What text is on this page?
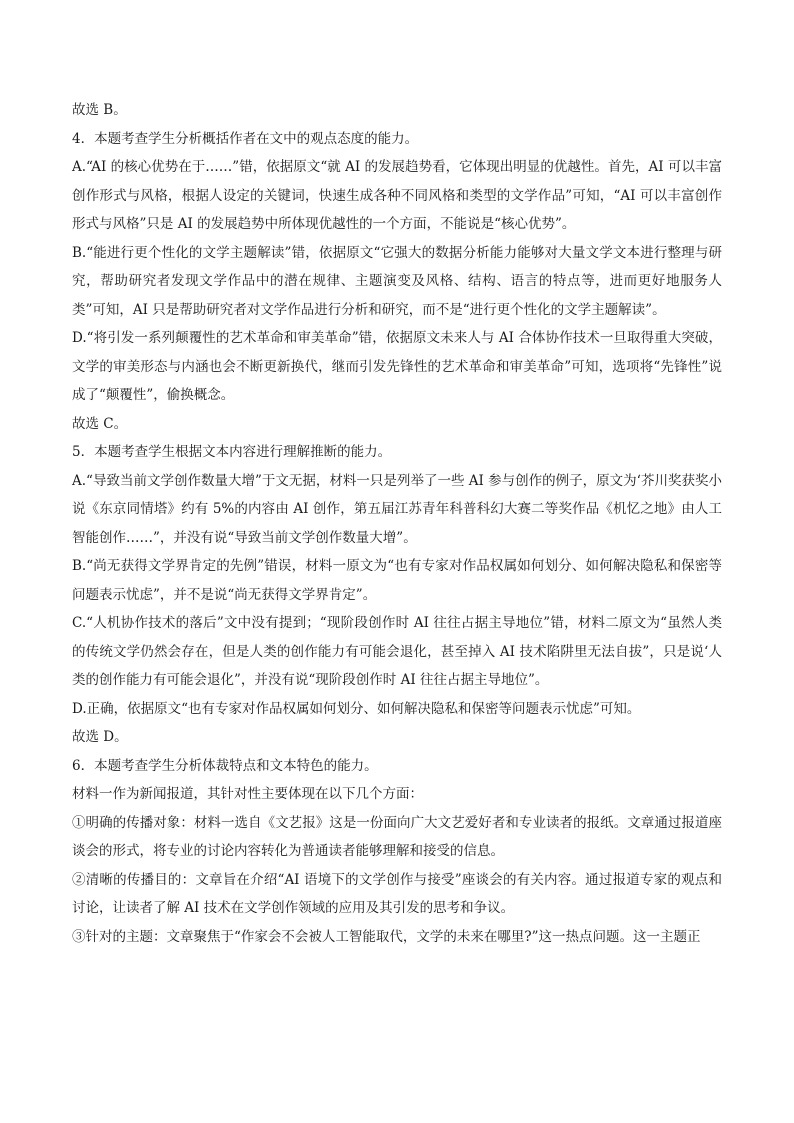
故选 B。

4．本题考查学生分析概括作者在文中的观点态度的能力。

A.“AI 的核心优势在于……”错，依据原文“就 AI 的发展趋势看，它体现出明显的优越性。首先，AI 可以丰富创作形式与风格，根据人设定的关键词，快速生成各种不同风格和类型的文学作品”可知，“AI 可以丰富创作形式与风格”只是 AI 的发展趋势中所体现优越性的一个方面，不能说是“核心优势”。

B.“能进行更个性化的文学主题解读”错，依据原文“它强大的数据分析能力能够对大量文学文本进行整理与研究，帮助研究者发现文学作品中的潜在规律、主题演变及风格、结构、语言的特点等，进而更好地服务人类”可知，AI 只是帮助研究者对文学作品进行分析和研究，而不是“进行更个性化的文学主题解读”。

D.“将引发一系列颠覆性的艺术革命和审美革命”错，依据原文未来人与 AI 合体协作技术一旦取得重大突破，文学的审美形态与内涵也会不断更新换代，继而引发先锋性的艺术革命和审美革命”可知，选项将“先锋性”说成了“颠覆性”，偷换概念。

故选 C。

5．本题考查学生根据文本内容进行理解推断的能力。

A.“导致当前文学创作数量大增”于文无据，材料一只是列举了一些 AI 参与创作的例子，原文为‘芥川奖获奖小说《东京同情塔》约有 5%的内容由 AI 创作，第五届江苏青年科普科幻大赛二等奖作品《机忆之地》由人工智能创作……”，并没有说“导致当前文学创作数量大增”。

B.“尚无获得文学界肯定的先例”错误，材料一原文为“也有专家对作品权属如何划分、如何解决隐私和保密等问题表示忧虑”，并不是说“尚无获得文学界肯定”。

C.“人机协作技术的落后”文中没有提到；“现阶段创作时 AI 往往占据主导地位”错，材料二原文为“虽然人类的传统文学仍然会存在，但是人类的创作能力有可能会退化，甚至掉入 AI 技术陷阱里无法自拔”，只是说‘人类的创作能力有可能会退化”，并没有说“现阶段创作时 AI 往往占据主导地位”。

D.正确，依据原文“也有专家对作品权属如何划分、如何解决隐私和保密等问题表示忧虑”可知。

故选 D。

6．本题考查学生分析体裁特点和文本特色的能力。

材料一作为新闻报道，其针对性主要体现在以下几个方面：

①明确的传播对象：材料一选自《文艺报》这是一份面向广大文艺爱好者和专业读者的报纸。文章通过报道座谈会的形式，将专业的讨论内容转化为普通读者能够理解和接受的信息。

②清晰的传播目的：文章旨在介绍“AI 语境下的文学创作与接受”座谈会的有关内容。通过报道专家的观点和讨论，让读者了解 AI 技术在文学创作领域的应用及其引发的思考和争议。

③针对的主题：文章聚焦于“作家会不会被人工智能取代，文学的未来在哪里?”这一热点问题。这一主题正
